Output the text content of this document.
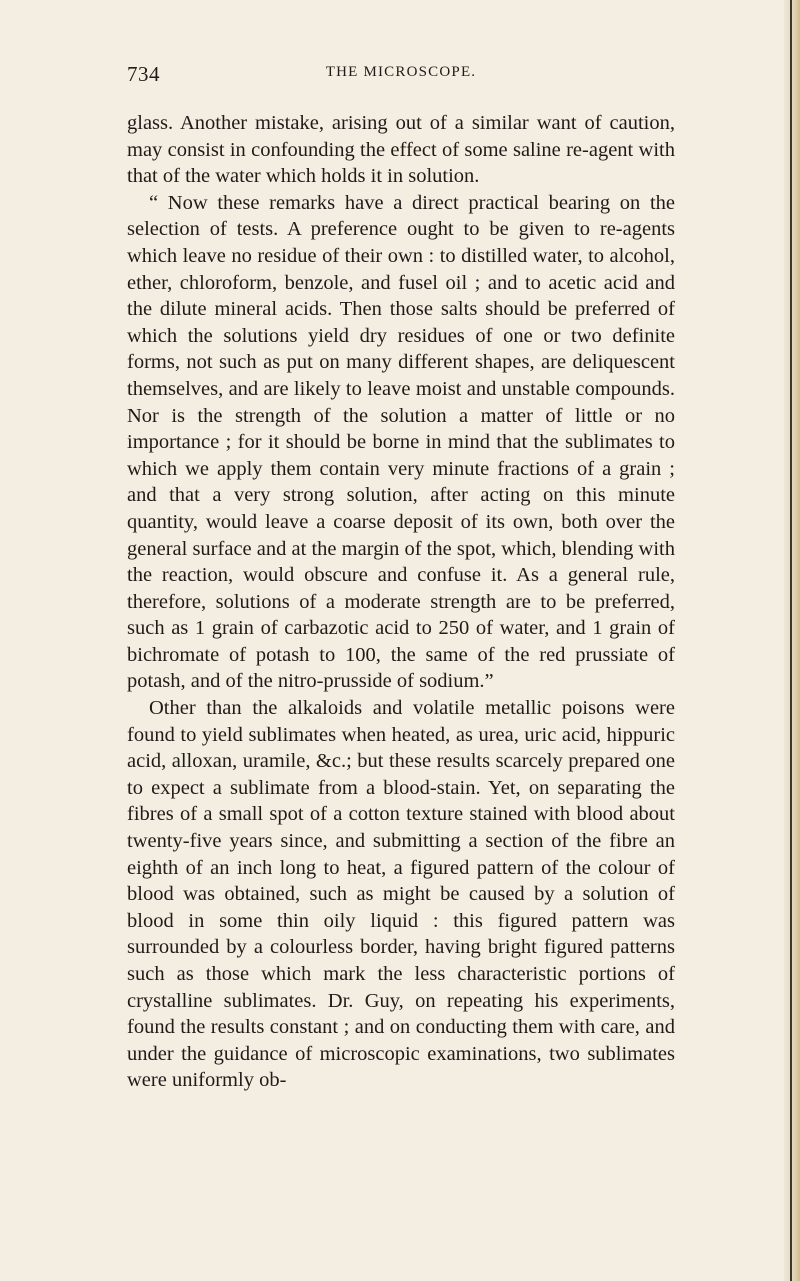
734	THE MICROSCOPE.

glass. Another mistake, arising out of a similar want of caution, may consist in confounding the effect of some saline re-agent with that of the water which holds it in solution.

“ Now these remarks have a direct practical bearing on the selection of tests. A preference ought to be given to re-agents which leave no residue of their own : to distilled water, to alcohol, ether, chloroform, benzole, and fusel oil ; and to acetic acid and the dilute mineral acids. Then those salts should be preferred of which the solutions yield dry residues of one or two definite forms, not such as put on many different shapes, are deliquescent themselves, and are likely to leave moist and unstable compounds. Nor is the strength of the solution a matter of little or no importance ; for it should be borne in mind that the sublimates to which we apply them contain very minute fractions of a grain ; and that a very strong solution, after acting on this minute quantity, would leave a coarse deposit of its own, both over the general surface and at the margin of the spot, which, blending with the reaction, would obscure and confuse it. As a general rule, therefore, solutions of a moderate strength are to be preferred, such as 1 grain of carbazotic acid to 250 of water, and 1 grain of bichromate of potash to 100, the same of the red prussiate of potash, and of the nitro-prusside of sodium.”

Other than the alkaloids and volatile metallic poisons were found to yield sublimates when heated, as urea, uric acid, hippuric acid, alloxan, uramile, &c.; but these results scarcely prepared one to expect a sublimate from a blood-stain. Yet, on separating the fibres of a small spot of a cotton texture stained with blood about twenty-five years since, and submitting a section of the fibre an eighth of an inch long to heat, a figured pattern of the colour of blood was obtained, such as might be caused by a solution of blood in some thin oily liquid : this figured pattern was surrounded by a colourless border, having bright figured patterns such as those which mark the less characteristic portions of crystalline sublimates. Dr. Guy, on repeating his experiments, found the results constant ; and on conducting them with care, and under the guidance of microscopic examinations, two sublimates were uniformly ob-
